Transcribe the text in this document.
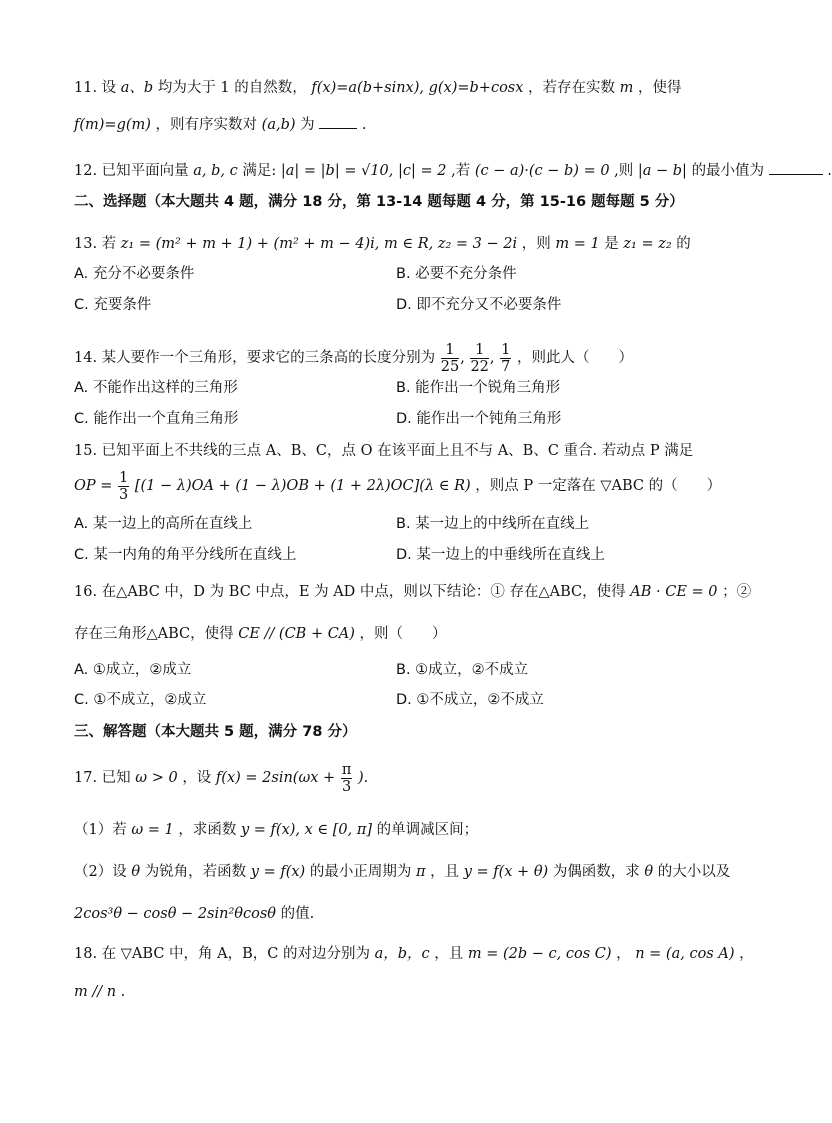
11. 设 a、b 均为大于 1 的自然数， f(x)=a(b+sinx), g(x)=b+cosx ，若存在实数 m ，使得
f(m)=g(m) ，则有序实数对 (a,b) 为	.
12. 已知平面向量 a, b, c 满足: |a| = |b| = √10, |c| = 2 ,若 (c − a)·(c − b) = 0 ,则 |a − b| 的最小值为	.
二、选择题（本大题共 4 题，满分 18 分，第 13-14 题每题 4 分，第 15-16 题每题 5 分）
13. 若 z₁ = (m² + m + 1) + (m² + m − 4)i, m ∈ R, z₂ = 3 − 2i ，则 m = 1 是 z₁ = z₂ 的
A. 充分不必要条件	B. 必要不充分条件
C. 充要条件	D. 即不充分又不必要条件
14. 某人要作一个三角形，要求它的三条高的长度分别为 $\frac{1}{25}$ , $\frac{1}{22}$ , $\frac{1}{7}$ ，则此人（　　）
A. 不能作出这样的三角形	B. 能作出一个锐角三角形
C. 能作出一个直角三角形	D. 能作出一个钝角三角形
15. 已知平面上不共线的三点 A、B、C，点 O 在该平面上且不与 A、B、C 重合. 若动点 P 满足
OP = $\frac{1}{3} [(1 - \lambda)OA + (1 - \lambda)OB + (1 + 2\lambda)OC](\lambda$ ∈ R) ，则点 P 一定落在 ▽ABC 的（　　）
A. 某一边上的高所在直线上	B. 某一边上的中线所在直线上
C. 某一内角的角平分线所在直线上	D. 某一边上的中垂线所在直线上
16. 在△ABC 中，D 为 BC 中点，E 为 AD 中点，则以下结论：① 存在△ABC，使得 AB · CE = 0 ；②
存在三角形△ABC，使得 CE // (CB + CA) ，则（　　）
A. ①成立，②成立	B. ①成立，②不成立
C. ①不成立，②成立	D. ①不成立，②不成立
三、解答题（本大题共 5 题，满分 78 分）
17. 已知 ω > 0 ，设 $f(x) = 2\sin(\omega x + \frac{\pi}{3}$ ).
（1）若 ω = 1 ，求函数 y = f(x), x ∈ [0, π] 的单调减区间；
（2）设 θ 为锐角，若函数 y = f(x) 的最小正周期为 π ，且 y = f(x + θ) 为偶函数，求 θ 的大小以及
2cos³θ − cosθ − 2sin²θcosθ 的值.
18. 在 ▽ABC 中，角 A，B，C 的对边分别为 a，b，c ，且 m = (2b − c, cos C) ， n = (a, cos A) ，
m // n .
